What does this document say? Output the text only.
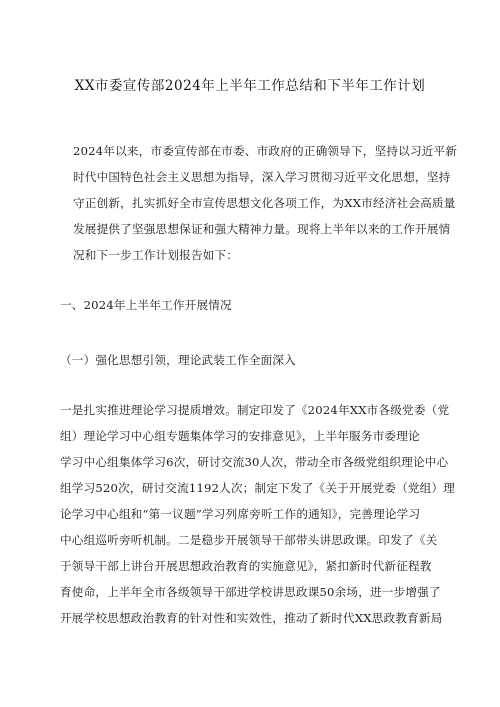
XX市委宣传部2024年上半年工作总结和下半年工作计划
2024年以来，市委宣传部在市委、市政府的正确领导下，坚持以习近平新
时代中国特色社会主义思想为指导，深入学习贯彻习近平文化思想，坚持
守正创新，扎实抓好全市宣传思想文化各项工作，为XX市经济社会高质量
发展提供了坚强思想保证和强大精神力量。现将上半年以来的工作开展情
况和下一步工作计划报告如下：
一、2024年上半年工作开展情况
（一）强化思想引领，理论武装工作全面深入
一是扎实推进理论学习提质增效。制定印发了《2024年XX市各级党委（党
组）理论学习中心组专题集体学习的安排意见》，上半年服务市委理论
学习中心组集体学习6次，研讨交流30人次，带动全市各级党组织理论中心
组学习520次，研讨交流1192人次；制定下发了《关于开展党委（党组）理
论学习中心组和“第一议题”学习列席旁听工作的通知》，完善理论学习
中心组巡听旁听机制。二是稳步开展领导干部带头讲思政课。印发了《关
于领导干部上讲台开展思想政治教育的实施意见》，紧扣新时代新征程教
育使命，上半年全市各级领导干部进学校讲思政课50余场，进一步增强了
开展学校思想政治教育的针对性和实效性，推动了新时代XX思政教育新局
